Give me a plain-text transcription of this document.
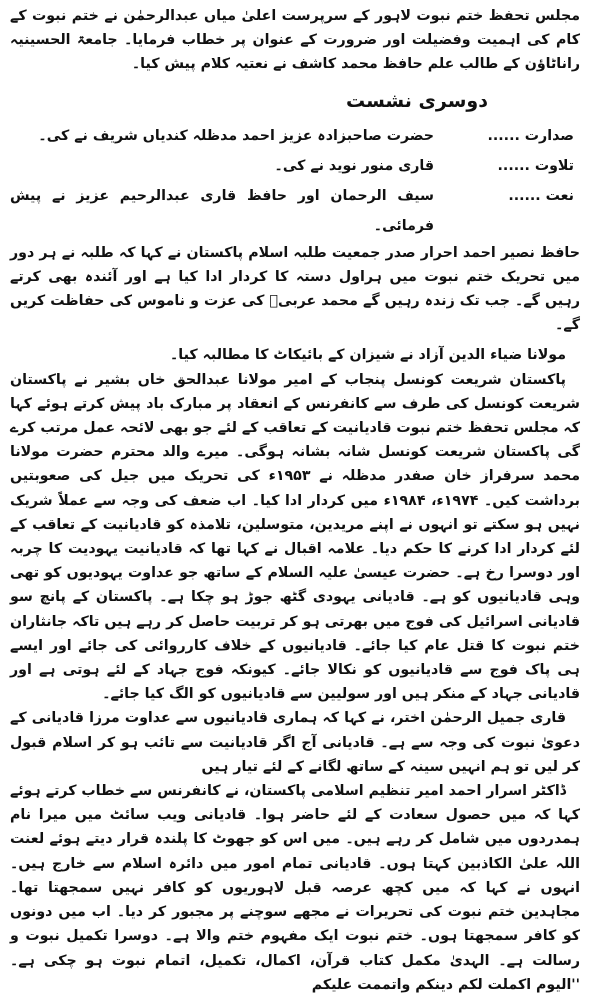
مجلس تحفظ ختم نبوت لاہور کے سرپرست اعلیٰ میاں عبدالرحمٰن نے ختم نبوت کے کام کی اہمیت وفضیلت اور ضرورت کے عنوان پر خطاب فرمایا۔ جامعۃ الحسینیہ راناٹاؤن کے طالب علم حافظ محمد کاشف نے نعتیہ کلام پیش کیا۔

دوسری نشست
صدارت ......
حضرت صاحبزادہ عزیز احمد مدظلہ کندیاں شریف نے کی۔
تلاوت ......
قاری منور نوید نے کی۔
نعت ......
سیف الرحمان اور حافظ قاری عبدالرحیم عزیز نے پیش فرمائی۔

حافظ نصیر احمد احرار صدر جمعیت طلبہ اسلام پاکستان نے کہا کہ طلبہ نے ہر دور میں تحریک ختم نبوت میں ہراول دستہ کا کردار ادا کیا ہے اور آئندہ بھی کرتے رہیں گے۔ جب تک زندہ رہیں گے محمد عربیؐ کی عزت و ناموس کی حفاظت کریں گے۔

مولانا ضیاء الدین آزاد نے شیزان کے بائیکاٹ کا مطالبہ کیا۔

پاکستان شریعت کونسل پنجاب کے امیر مولانا عبدالحق خاں بشیر نے پاکستان شریعت کونسل کی طرف سے کانفرنس کے انعقاد پر مبارک باد پیش کرتے ہوئے کہا کہ مجلس تحفظ ختم نبوت قادیانیت کے تعاقب کے لئے جو بھی لائحہ عمل مرتب کرے گی پاکستان شریعت کونسل شانہ بشانہ ہوگی۔ میرے والد محترم حضرت مولانا محمد سرفراز خان صفدر مدظلہ نے ۱۹۵۳ء کی تحریک میں جیل کی صعوبتیں برداشت کیں۔ ۱۹۷۴ء، ۱۹۸۴ء میں کردار ادا کیا۔ اب ضعف کی وجہ سے عملاً شریک نہیں ہو سکتے تو انہوں نے اپنے مریدین، متوسلین، تلامذہ کو قادیانیت کے تعاقب کے لئے کردار ادا کرنے کا حکم دیا۔ علامہ اقبال نے کہا تھا کہ قادیانیت یہودیت کا چربہ اور دوسرا رخ ہے۔ حضرت عیسیٰ علیہ السلام کے ساتھ جو عداوت یہودیوں کو تھی وہی قادیانیوں کو ہے۔ قادیانی یہودی گٹھ جوڑ ہو چکا ہے۔ پاکستان کے پانچ سو قادیانی اسرائیل کی فوج میں بھرتی ہو کر تربیت حاصل کر رہے ہیں تاکہ جانثاران ختم نبوت کا قتل عام کیا جائے۔ قادیانیوں کے خلاف کارروائی کی جائے اور ایسے ہی پاک فوج سے قادیانیوں کو نکالا جائے۔ کیونکہ فوج جہاد کے لئے ہوتی ہے اور قادیانی جہاد کے منکر ہیں اور سولیین سے قادیانیوں کو الگ کیا جائے۔

قاری جمیل الرحمٰن اختر، نے کہا کہ ہماری قادیانیوں سے عداوت مرزا قادیانی کے دعویٰ نبوت کی وجہ سے ہے۔ قادیانی آج اگر قادیانیت سے تائب ہو کر اسلام قبول کر لیں تو ہم انہیں سینہ کے ساتھ لگانے کے لئے تیار ہیں

ڈاکٹر اسرار احمد امیر تنظیم اسلامی پاکستان، نے کانفرنس سے خطاب کرتے ہوئے کہا کہ میں حصول سعادت کے لئے حاضر ہوا۔ قادیانی ویب سائٹ میں میرا نام ہمدردوں میں شامل کر رہے ہیں۔ میں اس کو جھوٹ کا پلندہ قرار دیتے ہوئے لعنت اللہ علیٰ الکاذبین کہتا ہوں۔ قادیانی تمام امور میں دائرہ اسلام سے خارج ہیں۔ انہوں نے کہا کہ میں کچھ عرصہ قبل لاہوریوں کو کافر نہیں سمجھتا تھا۔ مجاہدین ختم نبوت کی تحریرات نے مجھے سوچنے پر مجبور کر دیا۔ اب میں دونوں کو کافر سمجھتا ہوں۔ ختم نبوت ایک مفہوم ختم والا ہے۔ دوسرا تکمیل نبوت و رسالت ہے۔ الہدیٰ مکمل کتاب قرآن، اکمال، تکمیل، اتمام نبوت ہو چکی ہے۔ ''الیوم اکملت لکم دینکم واتممت علیکم
